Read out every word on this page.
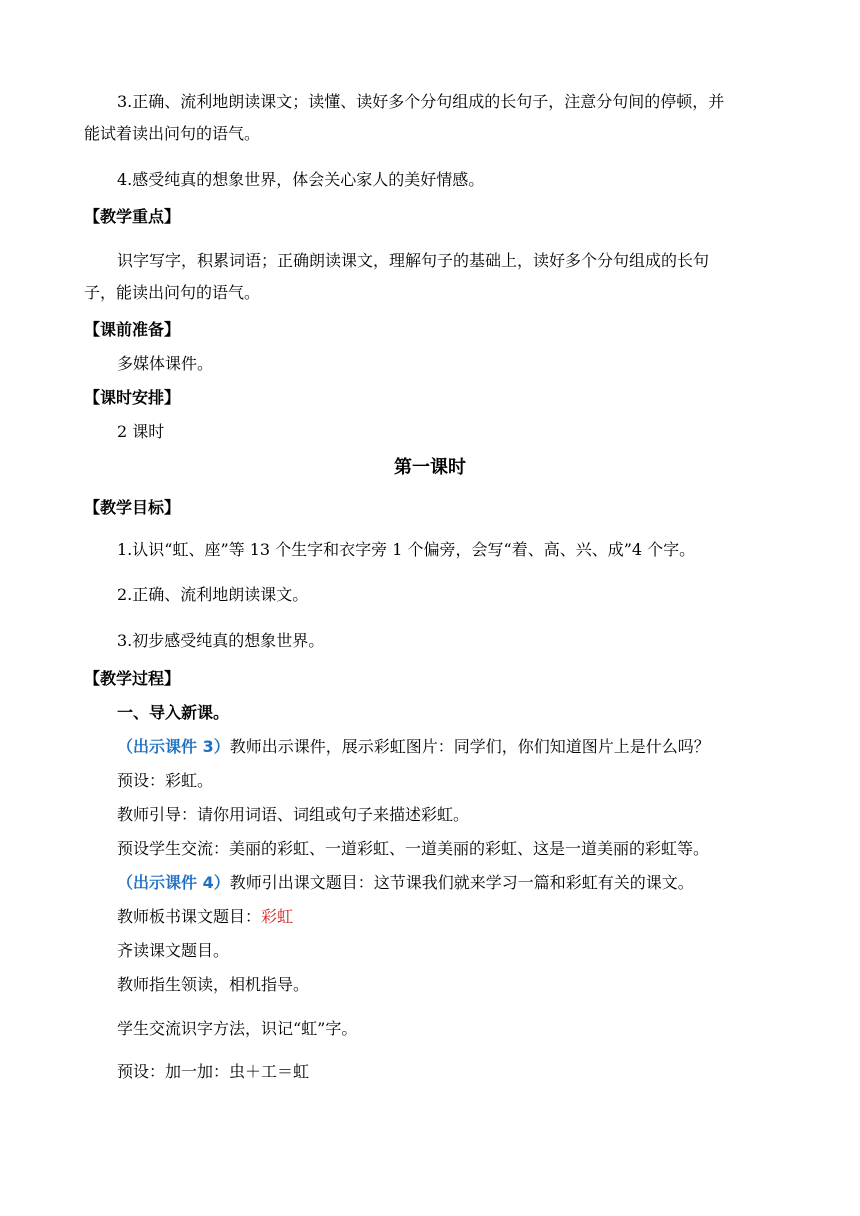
3.正确、流利地朗读课文；读懂、读好多个分句组成的长句子，注意分句间的停顿，并
能试着读出问句的语气。
4.感受纯真的想象世界，体会关心家人的美好情感。
【教学重点】
识字写字，积累词语；正确朗读课文，理解句子的基础上，读好多个分句组成的长句
子，能读出问句的语气。
【课前准备】
多媒体课件。
【课时安排】
2 课时
第一课时
【教学目标】
1.认识“虹、座”等 13 个生字和衣字旁 1 个偏旁，会写“着、高、兴、成”4 个字。
2.正确、流利地朗读课文。
3.初步感受纯真的想象世界。
【教学过程】
一、导入新课。
（出示课件 3）教师出示课件，展示彩虹图片：同学们，你们知道图片上是什么吗？
预设：彩虹。
教师引导：请你用词语、词组或句子来描述彩虹。
预设学生交流：美丽的彩虹、一道彩虹、一道美丽的彩虹、这是一道美丽的彩虹等。
（出示课件 4）教师引出课文题目：这节课我们就来学习一篇和彩虹有关的课文。
教师板书课文题目：彩虹
齐读课文题目。
教师指生领读，相机指导。
学生交流识字方法，识记“虹”字。
预设：加一加：虫＋工＝虹
